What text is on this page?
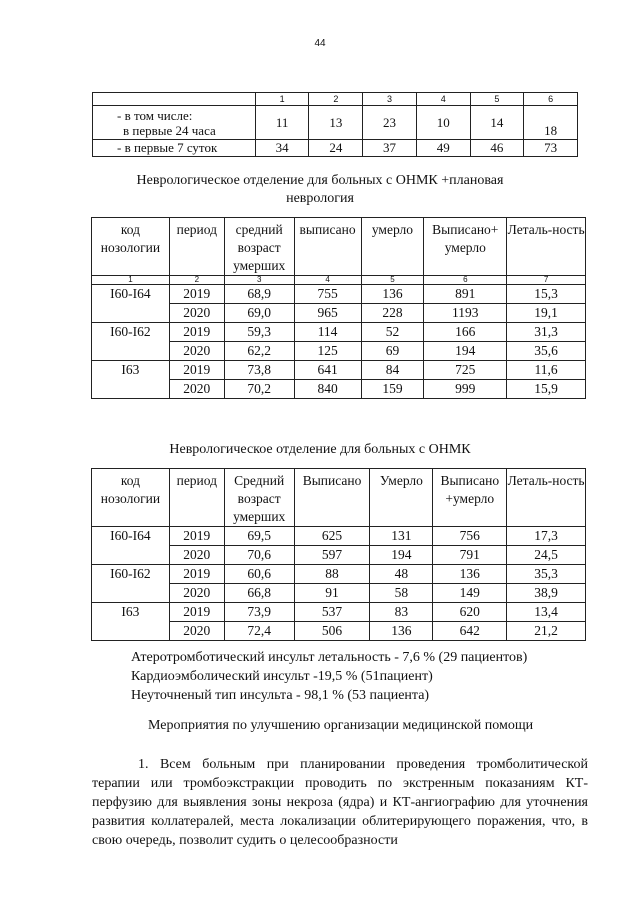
44
	1	2	3	4	5	6
- в том числе:
в первые 24 часа	11	13	23	10	14	18
- в первые 7 суток	34	24	37	49	46	73
Неврологическое отделение для больных с ОНМК +плановая
неврология
код нозологии	период	средний возраст умерших	выписано	умерло	Выписано+ умерло	Леталь-ность
1	2	3	4	5	6	7
I60-I64	2019	68,9	755	136	891	15,3
	2020	69,0	965	228	1193	19,1
I60-I62	2019	59,3	114	52	166	31,3
	2020	62,2	125	69	194	35,6
I63	2019	73,8	641	84	725	11,6
	2020	70,2	840	159	999	15,9
Неврологическое отделение для больных с ОНМК
код нозологии	период	Средний возраст умерших	Выписано	Умерло	Выписано +умерло	Леталь-ность
I60-I64	2019	69,5	625	131	756	17,3
	2020	70,6	597	194	791	24,5
I60-I62	2019	60,6	88	48	136	35,3
	2020	66,8	91	58	149	38,9
I63	2019	73,9	537	83	620	13,4
	2020	72,4	506	136	642	21,2
Атеротромботический инсульт летальность - 7,6 % (29 пациентов)
Кардиоэмболический инсульт -19,5 % (51пациент)
Неуточненый тип инсульта - 98,1 % (53 пациента)
Мероприятия по улучшению организации медицинской помощи

1. Всем больным при планировании проведения тромболитической терапии или тромбоэкстракции проводить по экстренным показаниям КТ-перфузию для выявления зоны некроза (ядра) и КТ-ангиографию для уточнения развития коллатералей, места локализации облитерирующего поражения, что, в свою очередь, позволит судить о целесообразности
